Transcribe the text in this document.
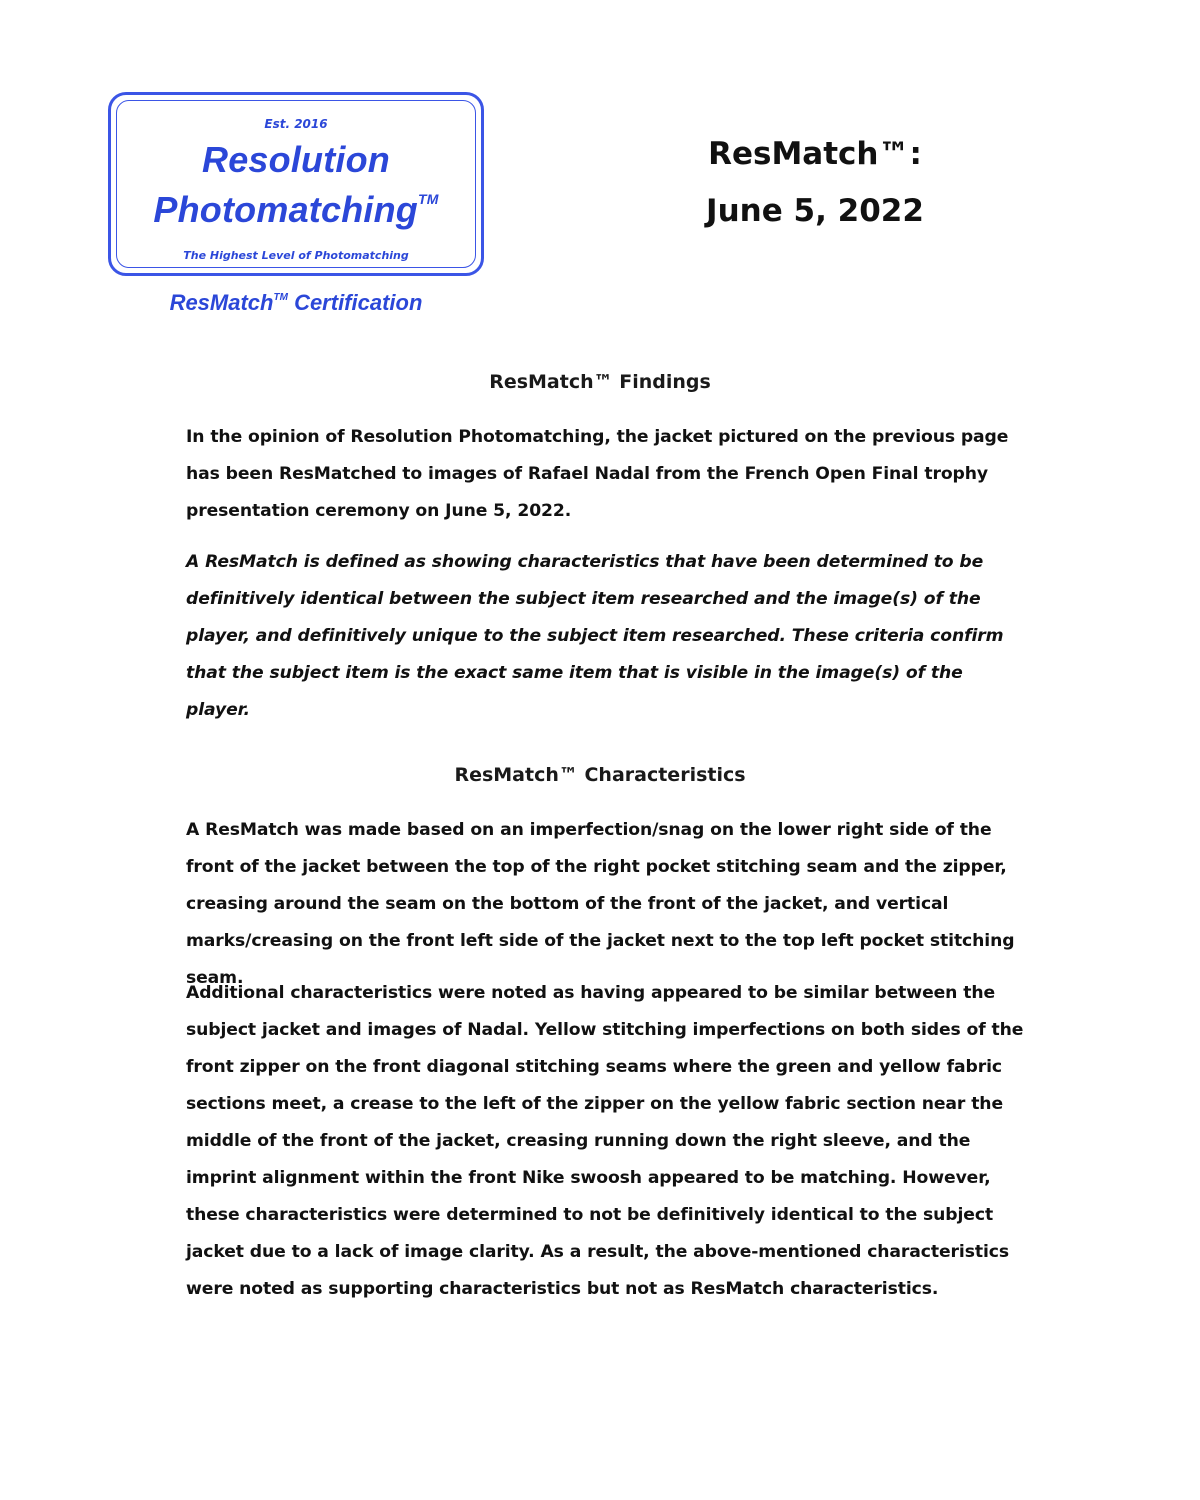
Est. 2016
Resolution
Photomatching™
The Highest Level of Photomatching
ResMatch™ Certification
ResMatch™:
June 5, 2022
ResMatch™ Findings
In the opinion of Resolution Photomatching, the jacket pictured on the previous page has been ResMatched to images of Rafael Nadal from the French Open Final trophy presentation ceremony on June 5, 2022.
A ResMatch is defined as showing characteristics that have been determined to be definitively identical between the subject item researched and the image(s) of the player, and definitively unique to the subject item researched. These criteria confirm that the subject item is the exact same item that is visible in the image(s) of the player.
ResMatch™ Characteristics
A ResMatch was made based on an imperfection/snag on the lower right side of the front of the jacket between the top of the right pocket stitching seam and the zipper, creasing around the seam on the bottom of the front of the jacket, and vertical marks/creasing on the front left side of the jacket next to the top left pocket stitching seam.
Additional characteristics were noted as having appeared to be similar between the subject jacket and images of Nadal. Yellow stitching imperfections on both sides of the front zipper on the front diagonal stitching seams where the green and yellow fabric sections meet, a crease to the left of the zipper on the yellow fabric section near the middle of the front of the jacket, creasing running down the right sleeve, and the imprint alignment within the front Nike swoosh appeared to be matching. However, these characteristics were determined to not be definitively identical to the subject jacket due to a lack of image clarity. As a result, the above-mentioned characteristics were noted as supporting characteristics but not as ResMatch characteristics.
